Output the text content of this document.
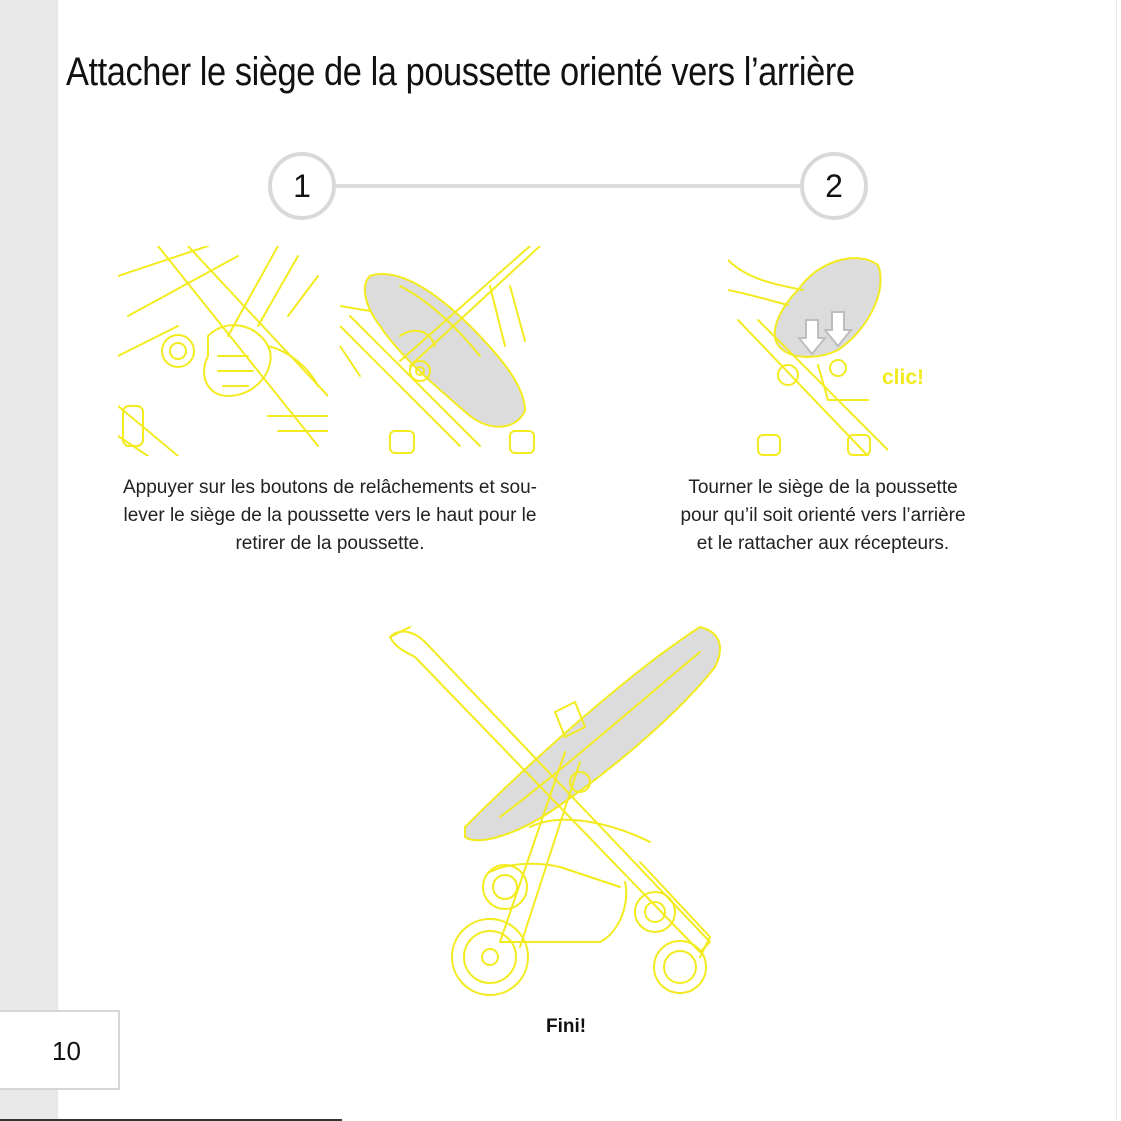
10
Attacher le siège de la poussette orienté vers l’arrière
1	2
clic!
Appuyer sur les boutons de relâchements et sou-
lever le siège de la poussette vers le haut pour le
retirer de la poussette.
Tourner le siège de la poussette
pour qu’il soit orienté vers l’arrière
et le rattacher aux récepteurs.
Fini!
